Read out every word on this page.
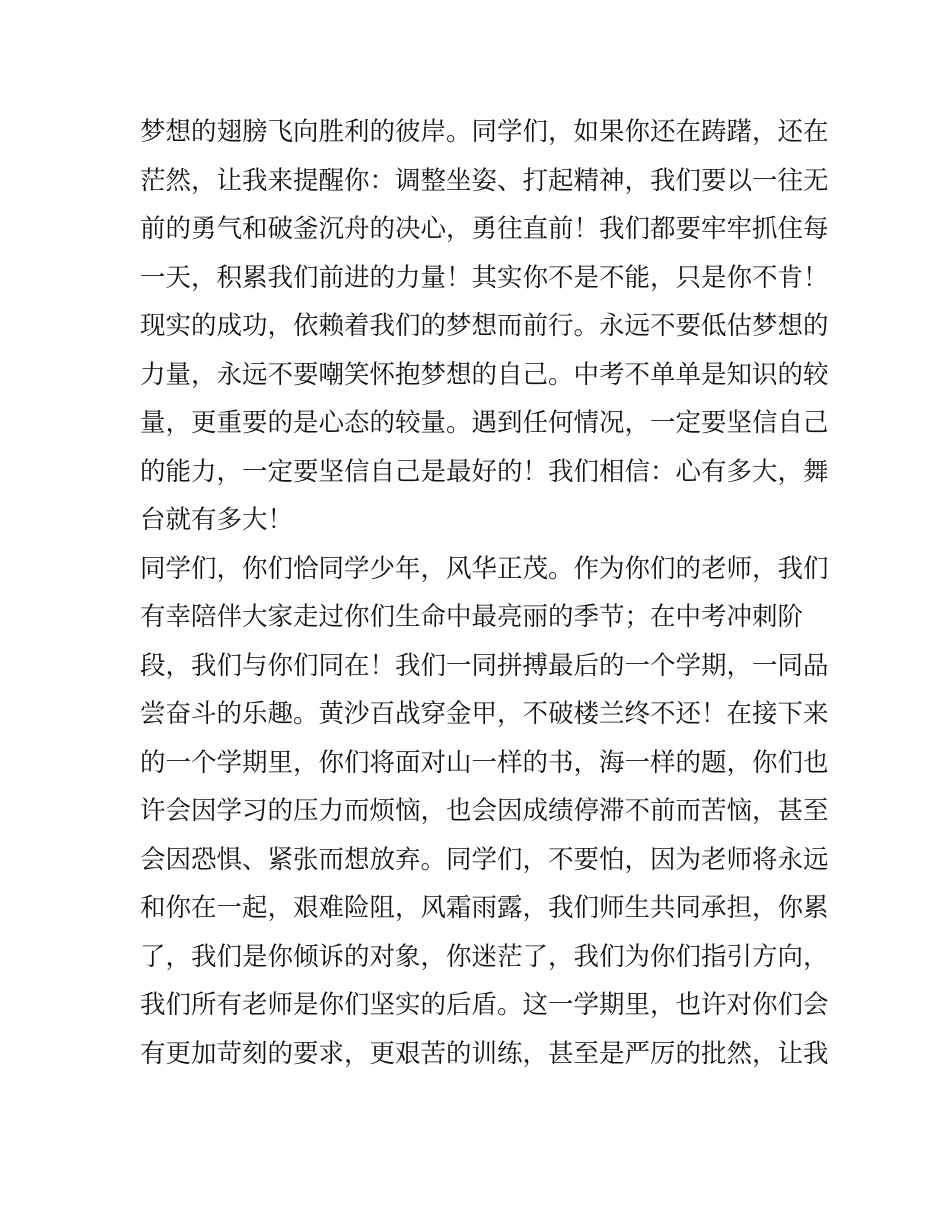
梦想的翅膀飞向胜利的彼岸。同学们，如果你还在踌躇，还在
茫然，让我来提醒你：调整坐姿、打起精神，我们要以一往无
前的勇气和破釜沉舟的决心，勇往直前！我们都要牢牢抓住每
一天，积累我们前进的力量！其实你不是不能，只是你不肯！
现实的成功，依赖着我们的梦想而前行。永远不要低估梦想的
力量，永远不要嘲笑怀抱梦想的自己。中考不单单是知识的较
量，更重要的是心态的较量。遇到任何情况，一定要坚信自己
的能力，一定要坚信自己是最好的！我们相信：心有多大，舞
台就有多大！
同学们，你们恰同学少年，风华正茂。作为你们的老师，我们
有幸陪伴大家走过你们生命中最亮丽的季节；在中考冲刺阶
段，我们与你们同在！我们一同拼搏最后的一个学期，一同品
尝奋斗的乐趣。黄沙百战穿金甲，不破楼兰终不还！在接下来
的一个学期里，你们将面对山一样的书，海一样的题，你们也
许会因学习的压力而烦恼，也会因成绩停滞不前而苦恼，甚至
会因恐惧、紧张而想放弃。同学们，不要怕，因为老师将永远
和你在一起，艰难险阻，风霜雨露，我们师生共同承担，你累
了，我们是你倾诉的对象，你迷茫了，我们为你们指引方向，
我们所有老师是你们坚实的后盾。这一学期里，也许对你们会
有更加苛刻的要求，更艰苦的训练，甚至是严厉的批然，让我
